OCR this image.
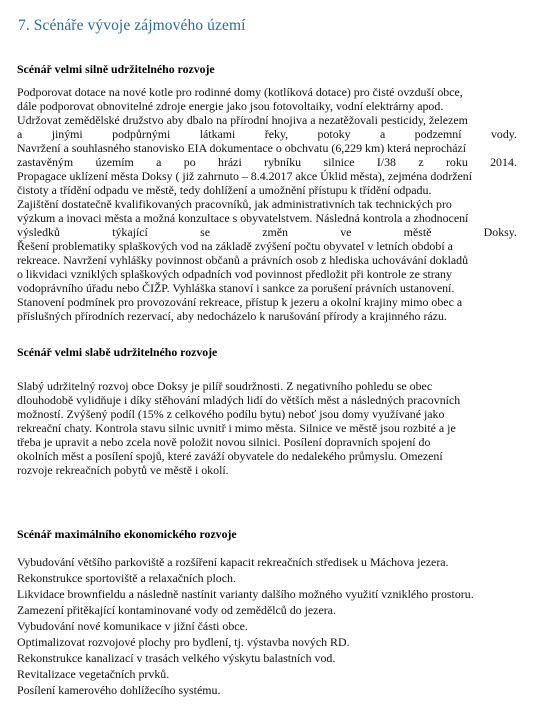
7. Scénáře vývoje zájmového území
Scénář velmi silně udržitelného rozvoje
Podporovat dotace na nové kotle pro rodinné domy (kotlíková dotace) pro čisté ovzduší obce,
dále podporovat obnovitelné zdroje energie jako jsou fotovoltaiky, vodní elektrárny apod.
Udržovat zemědělské družstvo aby dbalo na přírodní hnojiva a nezatěžovali pesticidy, železem
a jinými podpůrnými látkami řeky, potoky a podzemní vody.
Navržení a souhlasného stanovisko EIA dokumentace o obchvatu (6,229 km) která neprochází
zastavěným územím a po hrázi rybníku silnice I/38 z roku 2014.
Propagace uklízení města Doksy ( již zahrnuto – 8.4.2017 akce Úklid města), zejména dodržení
čistoty a třídění odpadu ve městě, tedy dohlížení a umožnění přístupu k třídění odpadu.
Zajištění dostatečně kvalifikovaných pracovníků, jak administrativních tak technických pro
výzkum a inovaci města a možná konzultace s obyvatelstvem. Následná kontrola a zhodnocení
výsledků	týkající	se	změn	ve	městě	Doksy.
Řešení problematiky splaškových vod na základě zvýšení počtu obyvatel v letních období a
rekreace. Navržení vyhlášky povinnost občanů a právních osob z hlediska uchovávání dokladů
o likvidaci vzniklých splaškových odpadních vod povinnost předložit při kontrole ze strany
vodoprávního úřadu nebo ČIŽP. Vyhláška stanoví i sankce za porušení právních ustanovení.
Stanovení podmínek pro provozování rekreace, přístup k jezeru a okolní krajiny mimo obec a
příslušných přírodních rezervací, aby nedocházelo k narušování přírody a krajinného rázu.
Scénář velmi slabě udržitelného rozvoje
Slabý udržitelný rozvoj obce Doksy je pilíř soudržnosti. Z negativního pohledu se obec
dlouhodobě vylidňuje i díky stěhování mladých lidí do větších měst a následných pracovních
možností. Zvýšený podíl (15% z celkového podílu bytu) neboť jsou domy využívané jako
rekreační chaty. Kontrola stavu silnic uvnitř i mimo města. Silnice ve městě jsou rozbité a je
třeba je upravit a nebo zcela nově položit novou silnici. Posílení dopravních spojení do
okolních měst a posílení spojů, které zaváží obyvatele do nedalekého průmyslu. Omezení
rozvoje rekreačních pobytů ve městě i okolí.
Scénář maximálního ekonomického rozvoje
Vybudování většího parkoviště a rozšíření kapacit rekreačních středisek u Máchova jezera.
Rekonstrukce sportoviště a relaxačních ploch.
Likvidace brownfieldu a následně nastínit varianty dalšího možného využití vzniklého prostoru.
Zamezení přitěkající kontaminované vody od zemědělců do jezera.
Vybudování nové komunikace v jižní části obce.
Optimalizovat rozvojové plochy pro bydlení, tj. výstavba nových RD.
Rekonstrukce kanalizací v trasách velkého výskytu balastních vod.
Revitalizace vegetačních prvků.
Posílení kamerového dohlížecího systému.
